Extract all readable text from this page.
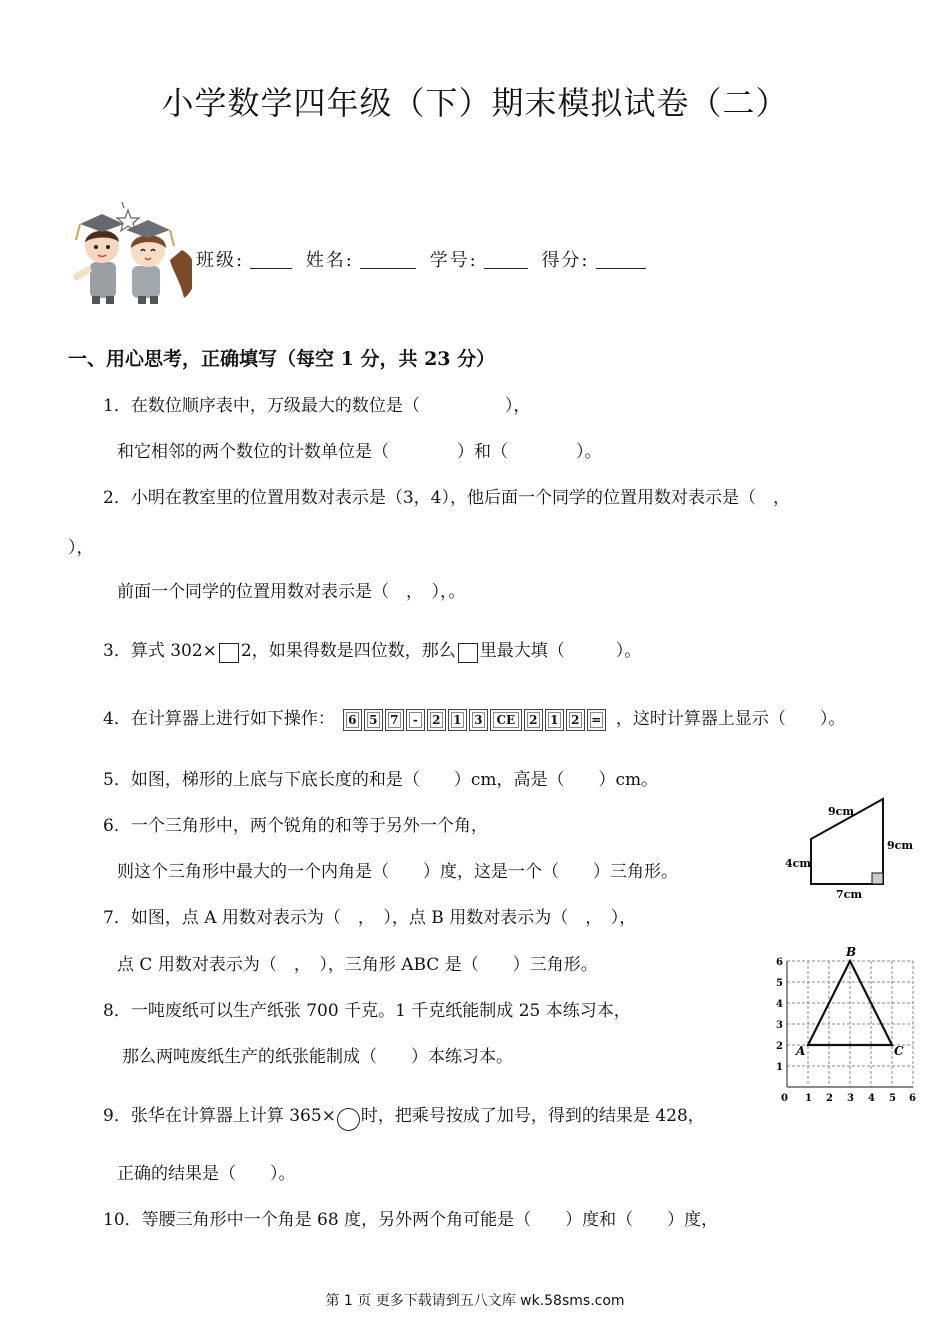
小学数学四年级（下）期末模拟试卷（二）
班级:	姓名:	学号:	得分:
一、用心思考，正确填写（每空 1 分，共 23 分）
1．在数位顺序表中，万级最大的数位是（　　　　　），
和它相邻的两个数位的计数单位是（　　　　）和（　　　　）。
2．小明在教室里的位置用数对表示是（3，4），他后面一个同学的位置用数对表示是（　，
），
前面一个同学的位置用数对表示是（　，　），。
3．算式 302× 2，如果得数是四位数，那么 里最大填（　　　）。
4．在计算器上进行如下操作： 6 5 7 - 2 1 3 CE 2 1 2 = ，这时计算器上显示（　　）。
5．如图，梯形的上底与下底长度的和是（　　）cm，高是（　　）cm。
6．一个三角形中，两个锐角的和等于另外一个角，
则这个三角形中最大的一个内角是（　　）度，这是一个（　　）三角形。
7．如图，点 A 用数对表示为（　，　），点 B 用数对表示为（　，　），
点 C 用数对表示为（　，　），三角形 ABC 是（　　）三角形。
8．一吨废纸可以生产纸张 700 千克。1 千克纸能制成 25 本练习本，
那么两吨废纸生产的纸张能制成（　　）本练习本。
9．张华在计算器上计算 365× 时，把乘号按成了加号，得到的结果是 428，
正确的结果是（　　）。
10．等腰三角形中一个角是 68 度，另外两个角可能是（　　）度和（　　）度，
9cm
9cm
4cm
7cm
6
5
4
3
2
1
0 1 2 3 4 5 6
A
B
C
第 1 页 更多下载请到五八文库 wk.58sms.com
